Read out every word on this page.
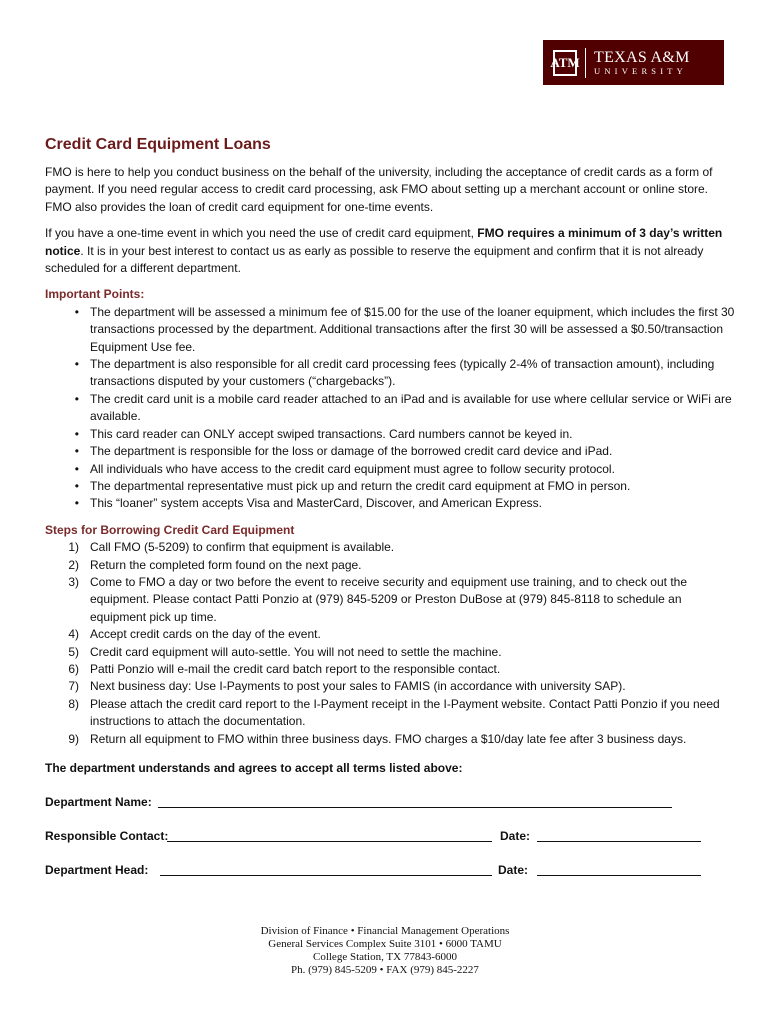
ATM TEXAS A&M
UNIVERSITY
Credit Card Equipment Loans

FMO is here to help you conduct business on the behalf of the university, including the acceptance of credit cards as a form of payment. If you need regular access to credit card processing, ask FMO about setting up a merchant account or online store. FMO also provides the loan of credit card equipment for one-time events.

If you have a one-time event in which you need the use of credit card equipment, FMO requires a minimum of 3 day’s written notice. It is in your best interest to contact us as early as possible to reserve the equipment and confirm that it is not already scheduled for a different department.

Important Points:
• The department will be assessed a minimum fee of $15.00 for the use of the loaner equipment, which includes the first 30 transactions processed by the department. Additional transactions after the first 30 will be assessed a $0.50/transaction Equipment Use fee.
• The department is also responsible for all credit card processing fees (typically 2-4% of transaction amount), including transactions disputed by your customers (“chargebacks”).
• The credit card unit is a mobile card reader attached to an iPad and is available for use where cellular service or WiFi are available.
• This card reader can ONLY accept swiped transactions. Card numbers cannot be keyed in.
• The department is responsible for the loss or damage of the borrowed credit card device and iPad.
• All individuals who have access to the credit card equipment must agree to follow security protocol.
• The departmental representative must pick up and return the credit card equipment at FMO in person.
• This “loaner” system accepts Visa and MasterCard, Discover, and American Express.
Steps for Borrowing Credit Card Equipment
1) Call FMO (5-5209) to confirm that equipment is available.
2) Return the completed form found on the next page.
3) Come to FMO a day or two before the event to receive security and equipment use training, and to check out the equipment. Please contact Patti Ponzio at (979) 845-5209 or Preston DuBose at (979) 845-8118 to schedule an equipment pick up time.
4) Accept credit cards on the day of the event.
5) Credit card equipment will auto-settle. You will not need to settle the machine.
6) Patti Ponzio will e-mail the credit card batch report to the responsible contact.
7) Next business day: Use I-Payments to post your sales to FAMIS (in accordance with university SAP).
8) Please attach the credit card report to the I-Payment receipt in the I-Payment website. Contact Patti Ponzio if you need instructions to attach the documentation.
9) Return all equipment to FMO within three business days. FMO charges a $10/day late fee after 3 business days.
The department understands and agrees to accept all terms listed above:
Department Name:
Responsible Contact:	Date:
Department Head:	Date:
Division of Finance • Financial Management Operations
General Services Complex Suite 3101 • 6000 TAMU
College Station, TX 77843-6000
Ph. (979) 845-5209 • FAX (979) 845-2227
